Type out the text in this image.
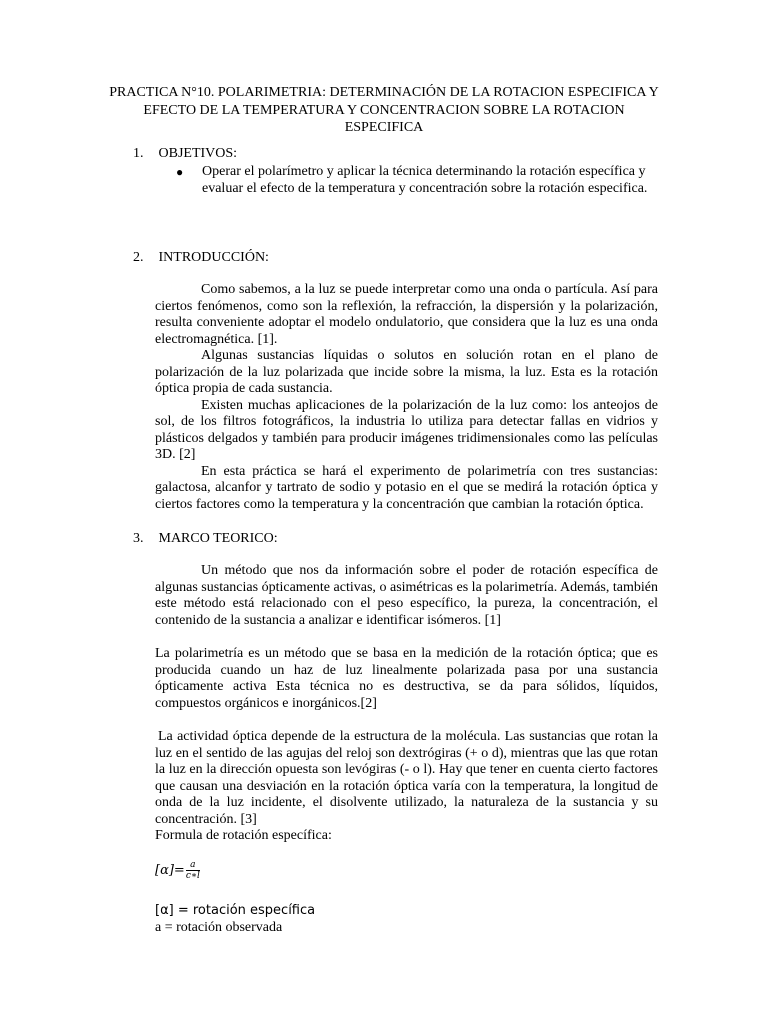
PRACTICA N°10. POLARIMETRIA: DETERMINACIÓN DE LA ROTACION ESPECIFICA Y EFECTO DE LA TEMPERATURA Y CONCENTRACION SOBRE LA ROTACION ESPECIFICA
1. OBJETIVOS:
● Operar el polarímetro y aplicar la técnica determinando la rotación específica y evaluar el efecto de la temperatura y concentración sobre la rotación especifica.
2. INTRODUCCIÓN:

Como sabemos, a la luz se puede interpretar como una onda o partícula. Así para ciertos fenómenos, como son la reflexión, la refracción, la dispersión y la polarización, resulta conveniente adoptar el modelo ondulatorio, que considera que la luz es una onda electromagnética. [1].

Algunas sustancias líquidas o solutos en solución rotan en el plano de polarización de la luz polarizada que incide sobre la misma, la luz. Esta es la rotación óptica propia de cada sustancia.

Existen muchas aplicaciones de la polarización de la luz como: los anteojos de sol, de los filtros fotográficos, la industria lo utiliza para detectar fallas en vidrios y plásticos delgados y también para producir imágenes tridimensionales como las películas 3D. [2]

En esta práctica se hará el experimento de polarimetría con tres sustancias: galactosa, alcanfor y tartrato de sodio y potasio en el que se medirá la rotación óptica y ciertos factores como la temperatura y la concentración que cambian la rotación óptica.

3. MARCO TEORICO:

Un método que nos da información sobre el poder de rotación específica de algunas sustancias ópticamente activas, o asimétricas es la polarimetría. Además, también este método está relacionado con el peso específico, la pureza, la concentración, el contenido de la sustancia a analizar e identificar isómeros. [1]

La polarimetría es un método que se basa en la medición de la rotación óptica; que es producida cuando un haz de luz linealmente polarizada pasa por una sustancia ópticamente activa Esta técnica no es destructiva, se da para sólidos, líquidos, compuestos orgánicos e inorgánicos.[2]

La actividad óptica depende de la estructura de la molécula. Las sustancias que rotan la luz en el sentido de las agujas del reloj son dextrógiras (+ o d), mientras que las que rotan la luz en la dirección opuesta son levógiras (- o l). Hay que tener en cuenta cierto factores que causan una desviación en la rotación óptica varía con la temperatura, la longitud de onda de la luz incidente, el disolvente utilizado, la naturaleza de la sustancia y su concentración. [3]

Formula de rotación específica:

$[\alpha]= \frac{a}{c∗l}$
[α] = rotación específica
a = rotación observada
